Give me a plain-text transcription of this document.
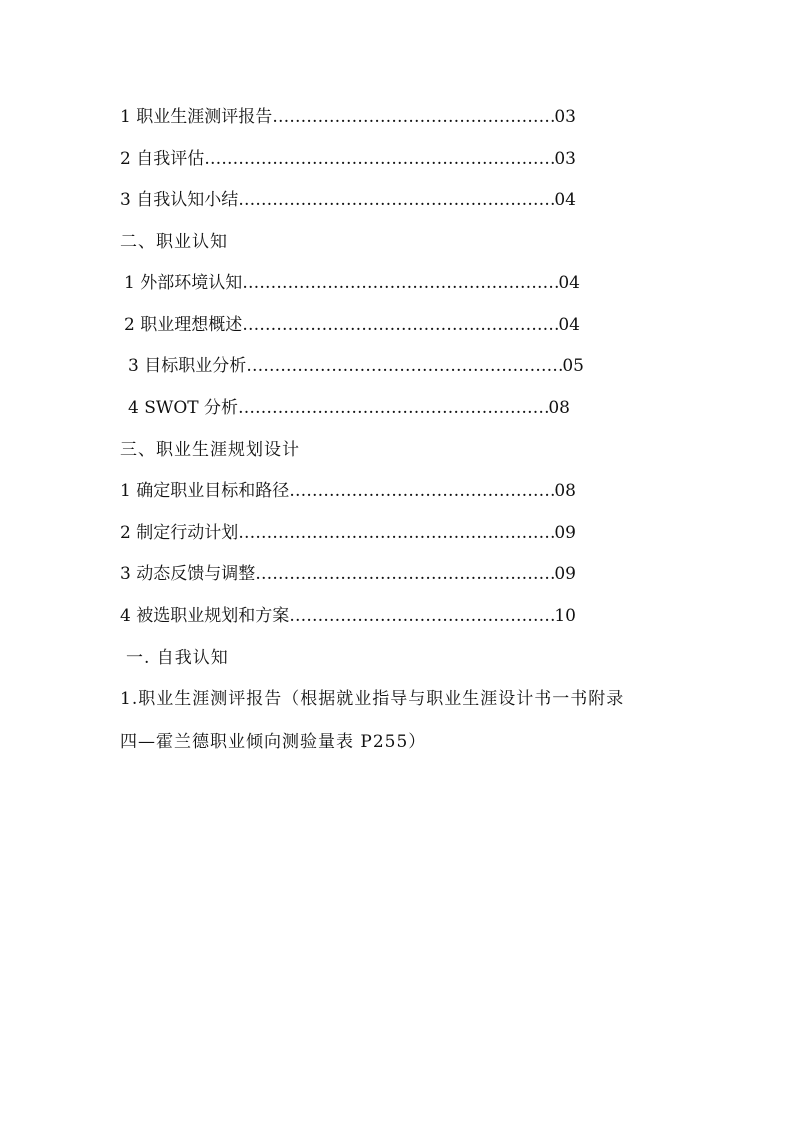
1 职业生涯测评报告 ………………………………………………………………………………………………………………	03
2 自我评估 ………………………………………………………………………………………………………………	03
3 自我认知小结 ………………………………………………………………………………………………………………	04
二、职业认知
1 外部环境认知 ………………………………………………………………………………………………………………	04
2 职业理想概述 ………………………………………………………………………………………………………………	04
3 目标职业分析 ………………………………………………………………………………………………………………	05
4 SWOT 分析 ………………………………………………………………………………………………………………	08
三、职业生涯规划设计
1 确定职业目标和路径 ………………………………………………………………………………………………………………	08
2 制定行动计划 ………………………………………………………………………………………………………………	09
3 动态反馈与调整 ………………………………………………………………………………………………………………	09
4 被选职业规划和方案 ………………………………………………………………………………………………………………	10
一. 自我认知
1.职业生涯测评报告（根据就业指导与职业生涯设计书一书附录
四—霍兰德职业倾向测验量表 P255）
